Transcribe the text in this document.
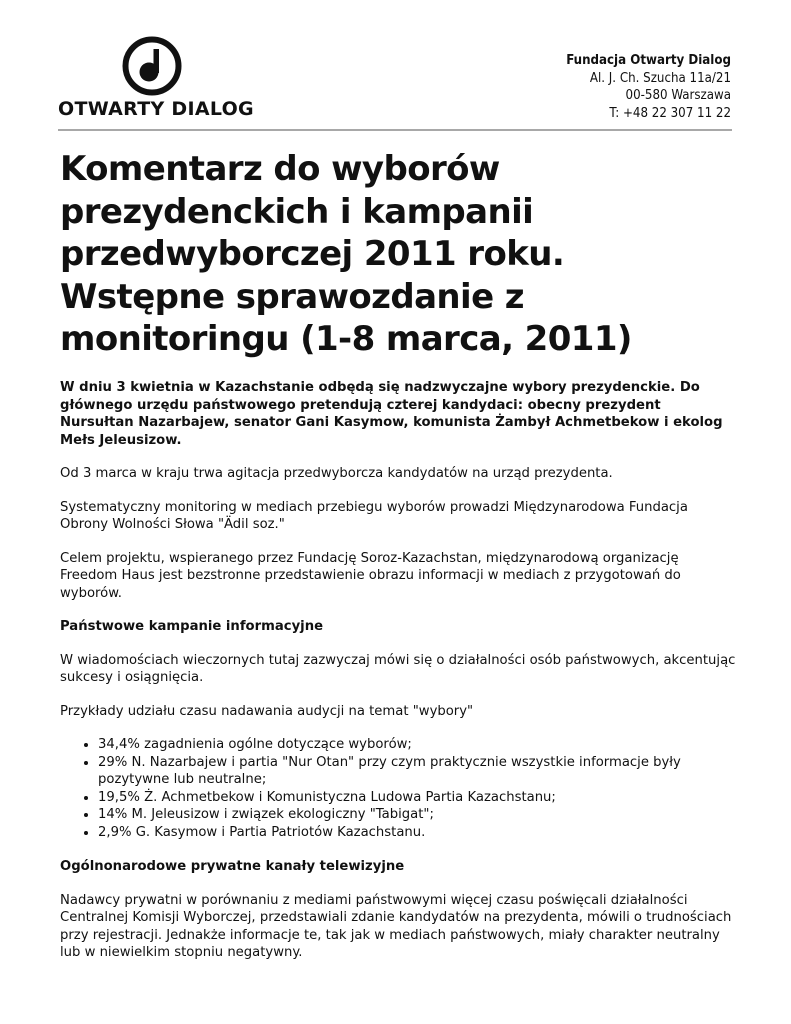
OTWARTY DIALOG
Fundacja Otwarty Dialog
Al. J. Ch. Szucha 11a/21
00-580 Warszawa
T: +48 22 307 11 22
Komentarz do wyborów prezydenckich i kampanii przedwyborczej 2011 roku. Wstępne sprawozdanie z monitoringu (1-8 marca, 2011)

W dniu 3 kwietnia w Kazachstanie odbędą się nadzwyczajne wybory prezydenckie. Do głównego urzędu państwowego pretendują czterej kandydaci: obecny prezydent Nursułtan Nazarbajew, senator Gani Kasymow, komunista Żambył Achmetbekow i ekolog Mełs Jeleusizow.

Od 3 marca w kraju trwa agitacja przedwyborcza kandydatów na urząd prezydenta.

Systematyczny monitoring w mediach przebiegu wyborów prowadzi Międzynarodowa Fundacja Obrony Wolności Słowa "Ädil soz."

Celem projektu, wspieranego przez Fundację Soroz-Kazachstan, międzynarodową organizację Freedom Haus jest bezstronne przedstawienie obrazu informacji w mediach z przygotowań do wyborów.

Państwowe kampanie informacyjne

W wiadomościach wieczornych tutaj zazwyczaj mówi się o działalności osób państwowych, akcentując sukcesy i osiągnięcia.

Przykłady udziału czasu nadawania audycji na temat "wybory"

• 34,4% zagadnienia ogólne dotyczące wyborów;
• 29% N. Nazarbajew i partia "Nur Otan" przy czym praktycznie wszystkie informacje były pozytywne lub neutralne;
• 19,5% Ż. Achmetbekow i Komunistyczna Ludowa Partia Kazachstanu;
• 14% M. Jeleusizow i związek ekologiczny "Tabigat";
• 2,9% G. Kasymow i Partia Patriotów Kazachstanu.
Ogólnonarodowe prywatne kanały telewizyjne

Nadawcy prywatni w porównaniu z mediami państwowymi więcej czasu poświęcali działalności Centralnej Komisji Wyborczej, przedstawiali zdanie kandydatów na prezydenta, mówili o trudnościach przy rejestracji. Jednakże informacje te, tak jak w mediach państwowych, miały charakter neutralny lub w niewielkim stopniu negatywny.
